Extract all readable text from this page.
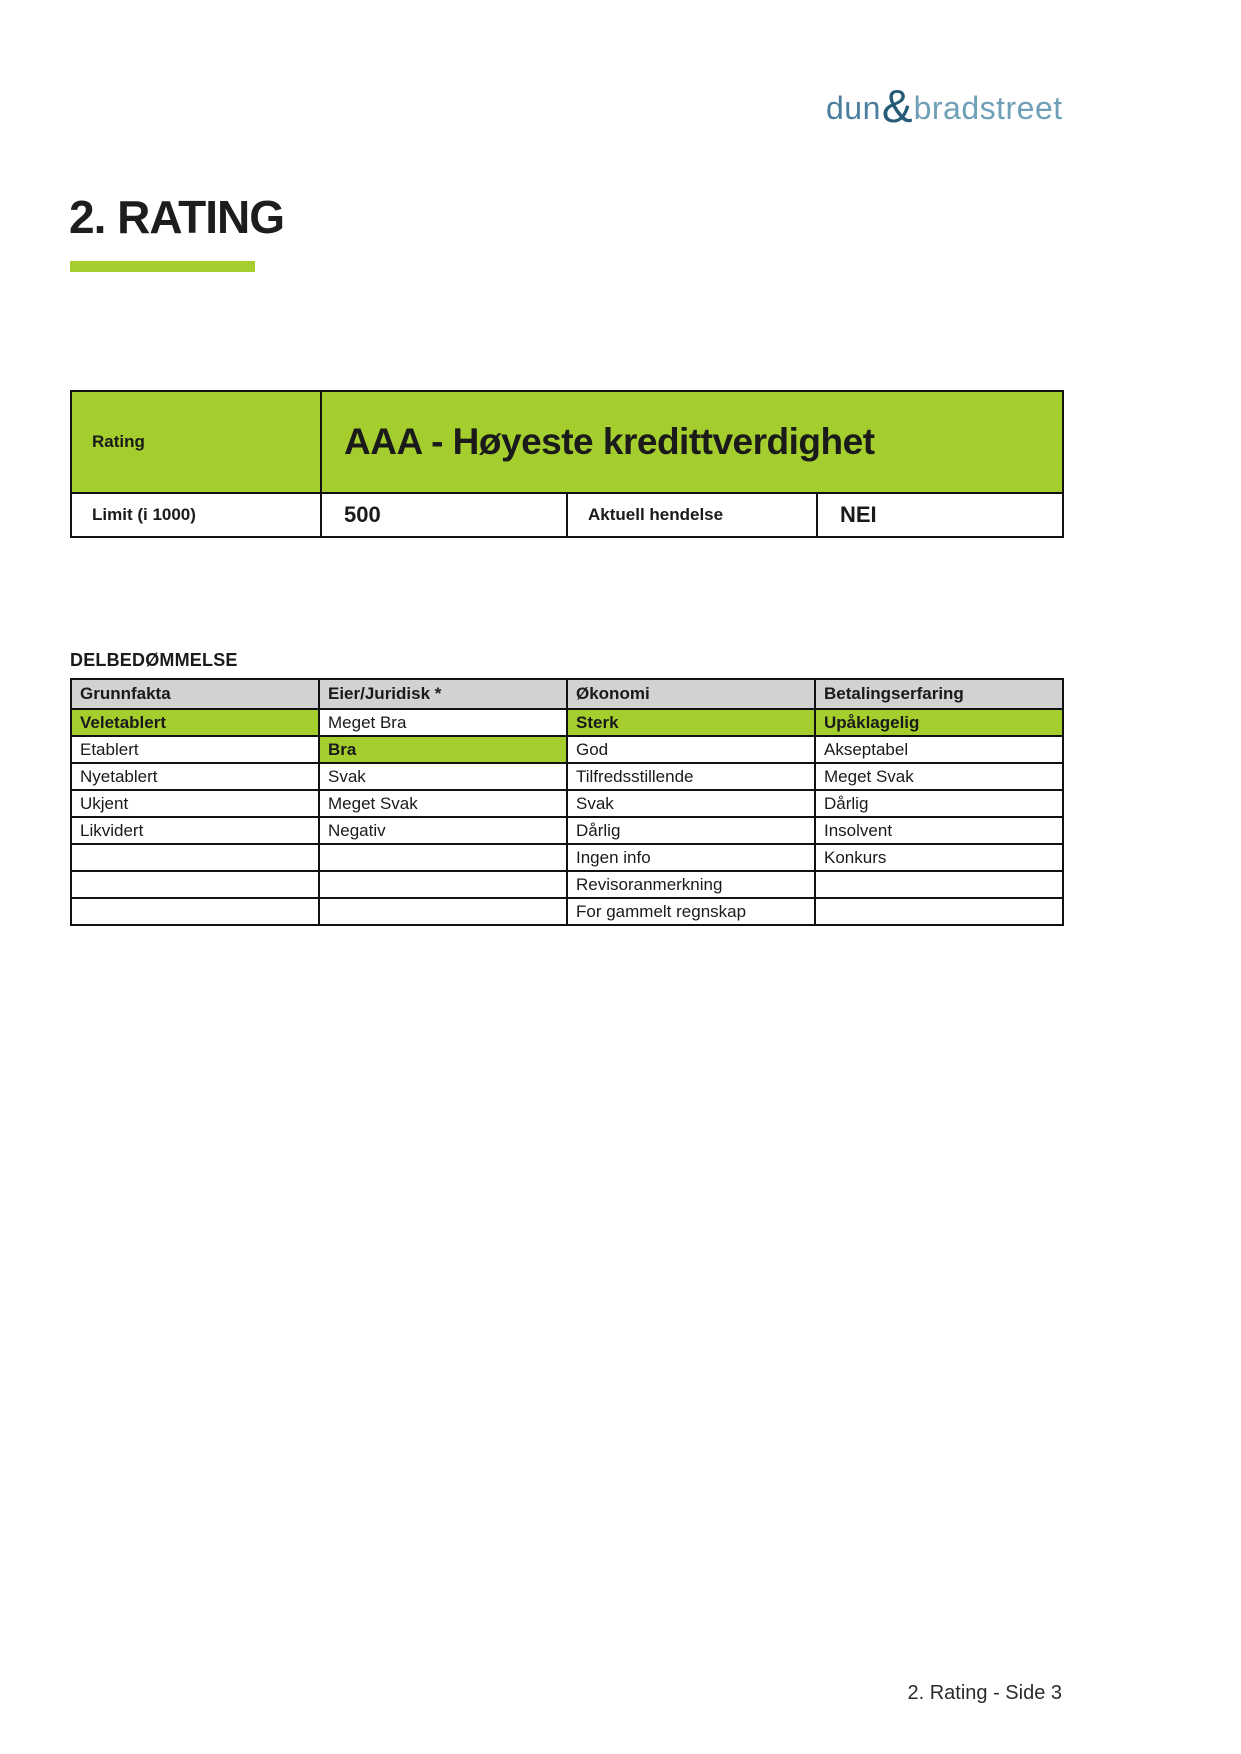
dun & bradstreet
2. RATING
Rating	AAA - Høyeste kredittverdighet		
Limit (i 1000)	500	Aktuell hendelse	NEI
DELBEDØMMELSE
Grunnfakta	Eier/Juridisk *	Økonomi	Betalingserfaring
Veletablert	Meget Bra	Sterk	Upåklagelig
Etablert	Bra	God	Akseptabel
Nyetablert	Svak	Tilfredsstillende	Meget Svak
Ukjent	Meget Svak	Svak	Dårlig
Likvidert	Negativ	Dårlig	Insolvent
		Ingen info	Konkurs
		Revisoranmerkning	
		For gammelt regnskap	
2. Rating - Side 3
